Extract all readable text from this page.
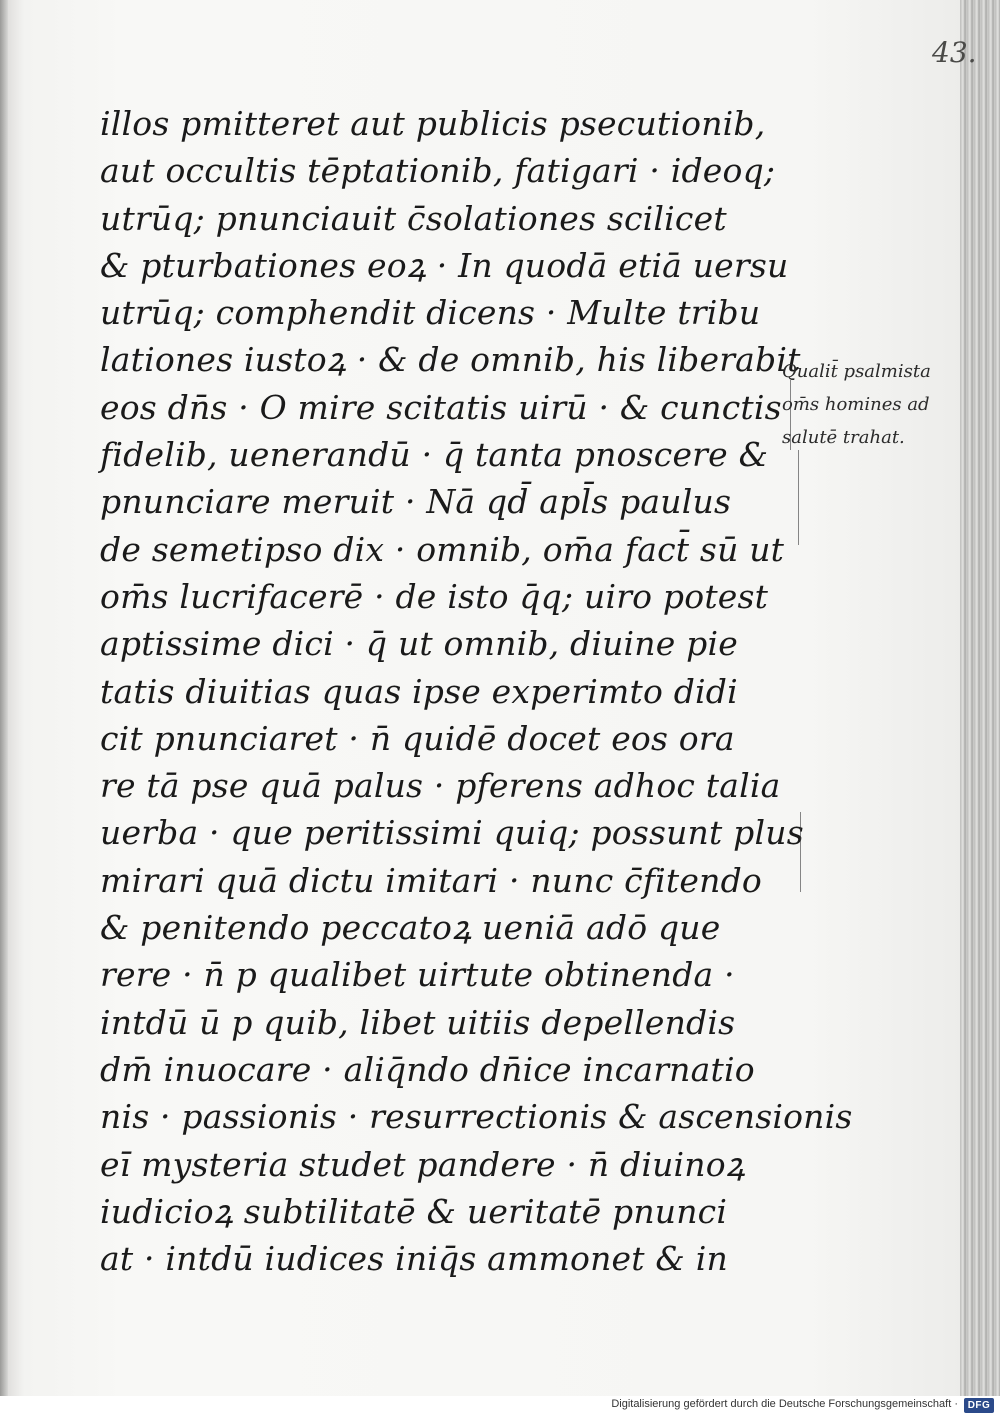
43.
illos pmitteret aut publicis psecutionib,
aut occultis tēptationib, fatigari · ideoq;
utrūq; pnunciauit c̄solationes scilicet
& pturbationes eoꝝ · In quodā etiā uersu
utrūq; comphendit dicens · Multe tribu
lationes iustoꝝ · & de omnib, his liberabit
eos dn̄s · O mire scitatis uirū · & cunctis
fidelib, uenerandū · q̄ tanta pnoscere &
pnunciare meruit · Nā qd̄ apl̄s paulus
de semetipso dix · omnib, om̄a fact̄ sū ut
om̄s lucrifacerē · de isto q̄q; uiro potest
aptissime dici · q̄ ut omnib, diuine pie
tatis diuitias quas ipse experimto didi
cit pnunciaret · n̄ quidē docet eos ora
re tā pse quā palus · pferens adhoc talia
uerba · que peritissimi quiq; possunt plus
mirari quā dictu imitari · nunc c̄fitendo
& penitendo peccatoꝝ ueniā adō que
rere · n̄ p qualibet uirtute obtinenda ·
intdū ū p quib, libet uitiis depellendis
dm̄ inuocare · aliq̄ndo dn̄ice incarnatio
nis · passionis · resurrectionis & ascensionis
eī mysteria studet pandere · n̄ diuinoꝝ
iudicioꝝ subtilitatē & ueritatē pnunci
at · intdū iudices iniq̄s ammonet & in
Qualit̄ psalmista
om̄s homines ad
salutē trahat.
Digitalisierung gefördert durch die Deutsche Forschungsgemeinschaft · DFG
